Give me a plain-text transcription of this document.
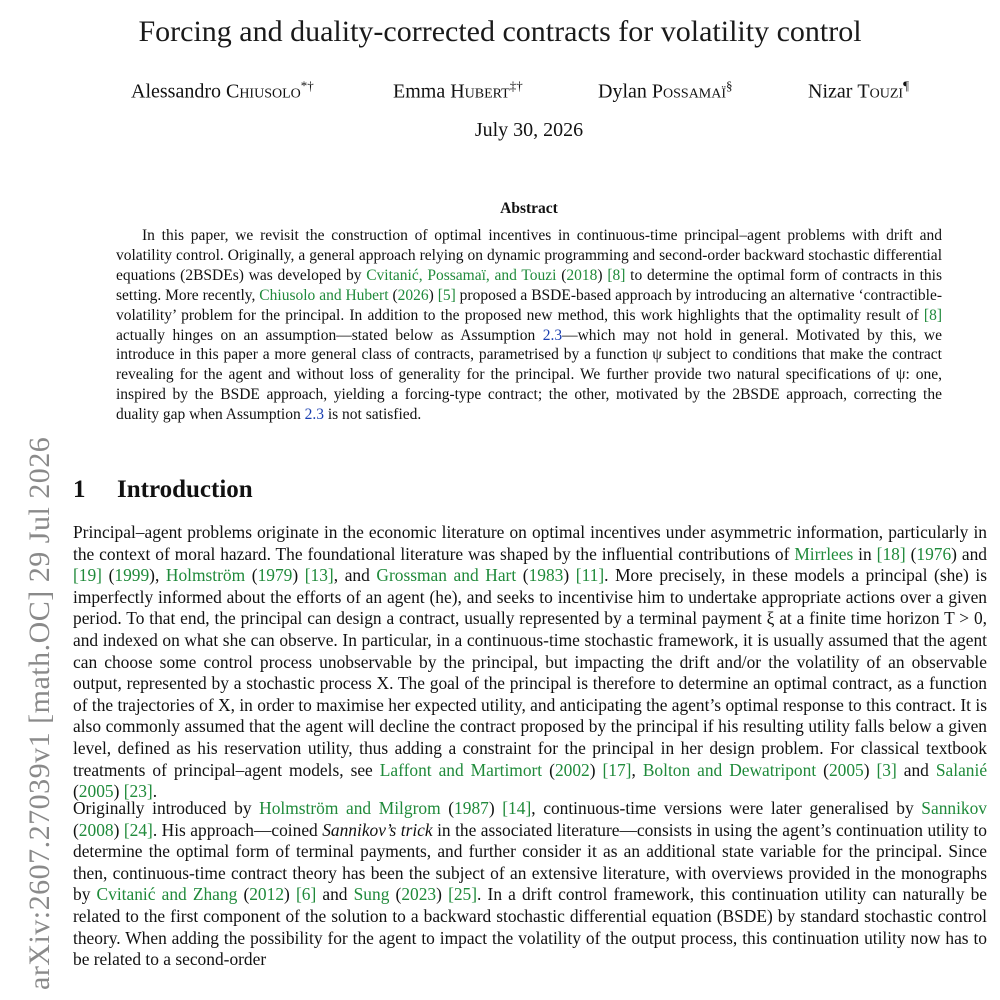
arXiv:2607.27039v1 [math.OC] 29 Jul 2026
Forcing and duality-corrected contracts for volatility control
Alessandro Chiusolo*†	Emma Hubert‡†	Dylan Possamaï§	Nizar Touzi¶
July 30, 2026
Abstract

In this paper, we revisit the construction of optimal incentives in continuous-time principal–agent problems with drift and volatility control. Originally, a general approach relying on dynamic programming and second-order backward stochastic differential equations (2BSDEs) was developed by Cvitanić, Possamaï, and Touzi (2018) [8] to determine the optimal form of contracts in this setting. More recently, Chiusolo and Hubert (2026) [5] proposed a BSDE-based approach by introducing an alternative ‘contractible-volatility’ problem for the principal. In addition to the proposed new method, this work highlights that the optimality result of [8] actually hinges on an assumption—stated below as Assumption 2.3—which may not hold in general. Motivated by this, we introduce in this paper a more general class of contracts, parametrised by a function ψ subject to conditions that make the contract revealing for the agent and without loss of generality for the principal. We further provide two natural specifications of ψ: one, inspired by the BSDE approach, yielding a forcing-type contract; the other, motivated by the 2BSDE approach, correcting the duality gap when Assumption 2.3 is not satisfied.

1 Introduction

Principal–agent problems originate in the economic literature on optimal incentives under asymmetric information, particularly in the context of moral hazard. The foundational literature was shaped by the influential contributions of Mirrlees in [18] (1976) and [19] (1999), Holmström (1979) [13], and Grossman and Hart (1983) [11]. More precisely, in these models a principal (she) is imperfectly informed about the efforts of an agent (he), and seeks to incentivise him to undertake appropriate actions over a given period. To that end, the principal can design a contract, usually represented by a terminal payment ξ at a finite time horizon T > 0, and indexed on what she can observe. In particular, in a continuous-time stochastic framework, it is usually assumed that the agent can choose some control process unobservable by the principal, but impacting the drift and/or the volatility of an observable output, represented by a stochastic process X. The goal of the principal is therefore to determine an optimal contract, as a function of the trajectories of X, in order to maximise her expected utility, and anticipating the agent’s optimal response to this contract. It is also commonly assumed that the agent will decline the contract proposed by the principal if his resulting utility falls below a given level, defined as his reservation utility, thus adding a constraint for the principal in her design problem. For classical textbook treatments of principal–agent models, see Laffont and Martimort (2002) [17], Bolton and Dewatripont (2005) [3] and Salanié (2005) [23].

Originally introduced by Holmström and Milgrom (1987) [14], continuous-time versions were later generalised by Sannikov (2008) [24]. His approach—coined Sannikov’s trick in the associated literature—consists in using the agent’s continuation utility to determine the optimal form of terminal payments, and further consider it as an additional state variable for the principal. Since then, continuous-time contract theory has been the subject of an extensive literature, with overviews provided in the monographs by Cvitanić and Zhang (2012) [6] and Sung (2023) [25]. In a drift control framework, this continuation utility can naturally be related to the first component of the solution to a backward stochastic differential equation (BSDE) by standard stochastic control theory. When adding the possibility for the agent to impact the volatility of the output process, this continuation utility now has to be related to a second-order
